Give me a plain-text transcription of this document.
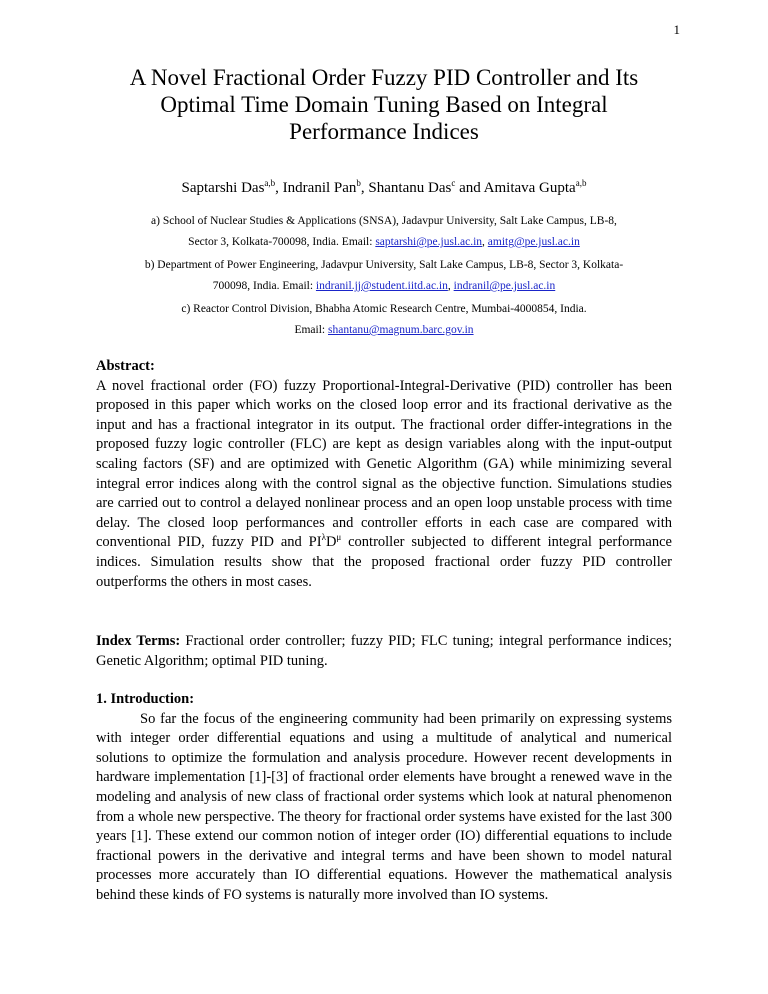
1
A Novel Fractional Order Fuzzy PID Controller and Its Optimal Time Domain Tuning Based on Integral Performance Indices
Saptarshi Das$^{a,b}$, Indranil Pan$^b$, Shantanu Das$^c$ and Amitava Gupta$^{a,b}$
a) School of Nuclear Studies & Applications (SNSA), Jadavpur University, Salt Lake Campus, LB-8,
Sector 3, Kolkata-700098, India. Email: saptarshi@pe.jusl.ac.in, amitg@pe.jusl.ac.in
b) Department of Power Engineering, Jadavpur University, Salt Lake Campus, LB-8, Sector 3, Kolkata-
700098, India. Email: indranil.jj@student.iitd.ac.in, indranil@pe.jusl.ac.in
c) Reactor Control Division, Bhabha Atomic Research Centre, Mumbai-4000854, India.
Email: shantanu@magnum.barc.gov.in
Abstract:
A novel fractional order (FO) fuzzy Proportional-Integral-Derivative (PID) controller has been proposed in this paper which works on the closed loop error and its fractional derivative as the input and has a fractional integrator in its output. The fractional order differ-integrations in the proposed fuzzy logic controller (FLC) are kept as design variables along with the input-output scaling factors (SF) and are optimized with Genetic Algorithm (GA) while minimizing several integral error indices along with the control signal as the objective function. Simulations studies are carried out to control a delayed nonlinear process and an open loop unstable process with time delay. The closed loop performances and controller efforts in each case are compared with conventional PID, fuzzy PID and $PI^\lambda D^\mu$ controller subjected to different integral performance indices. Simulation results show that the proposed fractional order fuzzy PID controller outperforms the others in most cases.
Index Terms: Fractional order controller; fuzzy PID; FLC tuning; integral performance indices; Genetic Algorithm; optimal PID tuning.
1. Introduction:
So far the focus of the engineering community had been primarily on expressing systems with integer order differential equations and using a multitude of analytical and numerical solutions to optimize the formulation and analysis procedure. However recent developments in hardware implementation [1]-[3] of fractional order elements have brought a renewed wave in the modeling and analysis of new class of fractional order systems which look at natural phenomenon from a whole new perspective. The theory for fractional order systems have existed for the last 300 years [1]. These extend our common notion of integer order (IO) differential equations to include fractional powers in the derivative and integral terms and have been shown to model natural processes more accurately than IO differential equations. However the mathematical analysis behind these kinds of FO systems is naturally more involved than IO systems.
